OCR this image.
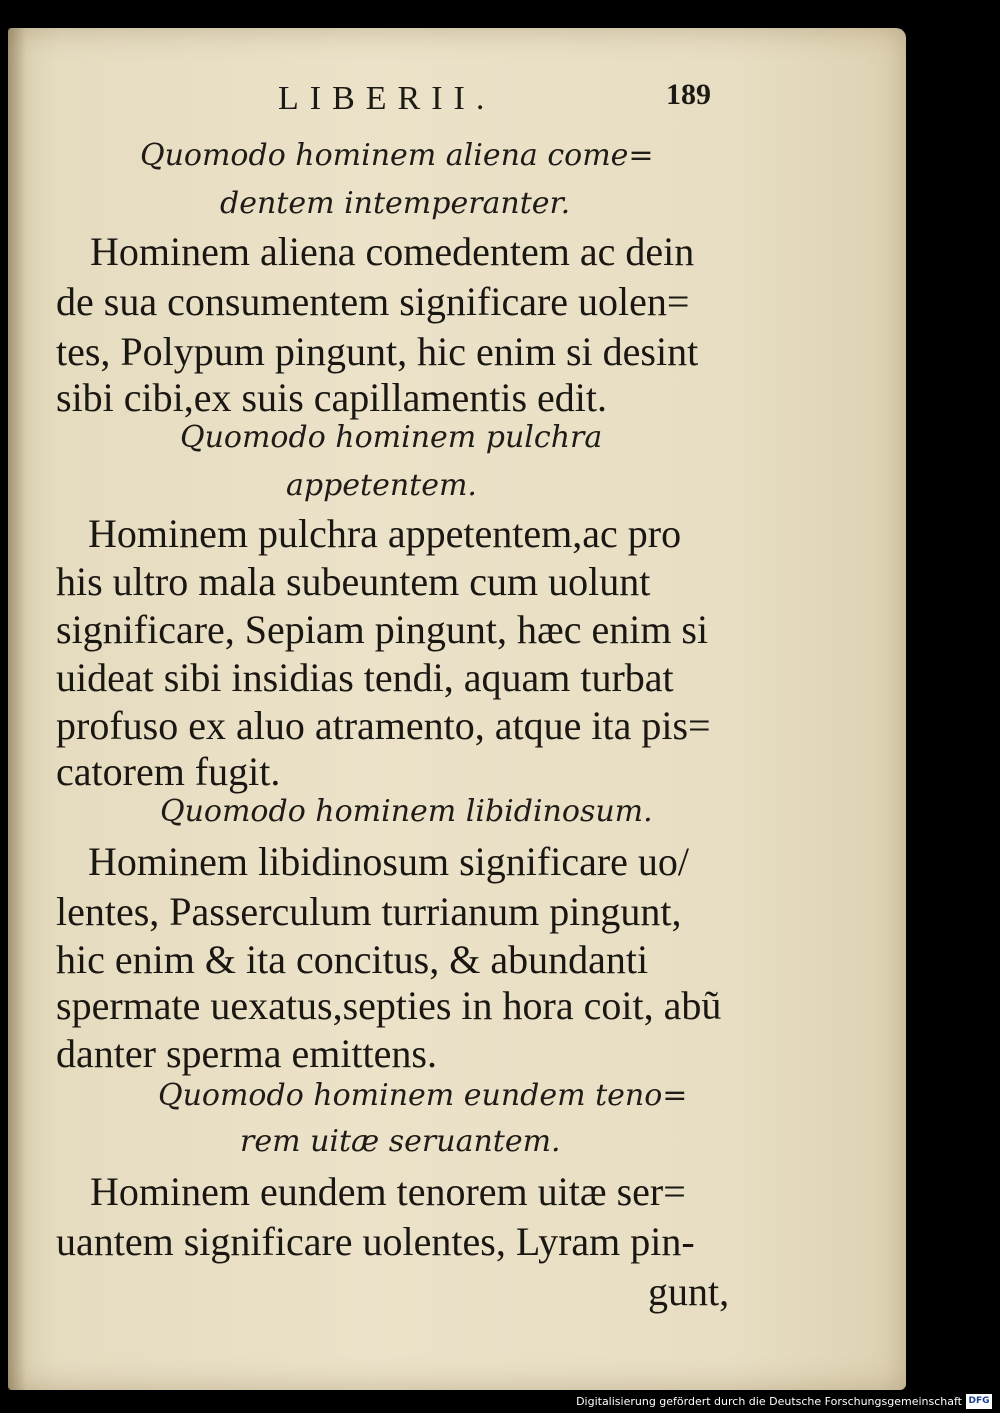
LIBERII.	189
Quomodo hominem aliena come=
dentem intemperanter.
Hominem aliena comedentem ac dein
de sua consumentem significare uolen=
tes, Polypum pingunt, hic enim si desint
sibi cibi,ex suis capillamentis edit.
Quomodo hominem pulchra
appetentem.
Hominem pulchra appetentem,ac pro
his ultro mala subeuntem cum uolunt
significare, Sepiam pingunt, hæc enim si
uideat sibi insidias tendi, aquam turbat
profuso ex aluo atramento, atque ita pis=
catorem fugit.
Quomodo hominem libidinosum.
Hominem libidinosum significare uo/
lentes, Passerculum turrianum pingunt,
hic enim & ita concitus, & abundanti
spermate uexatus,septies in hora coit, abũ
danter sperma emittens.
Quomodo hominem eundem teno=
rem uitæ seruantem.
Hominem eundem tenorem uitæ ser=
uantem significare uolentes, Lyram pin-
gunt,
Digitalisierung gefördert durch die Deutsche Forschungsgemeinschaft DFG
